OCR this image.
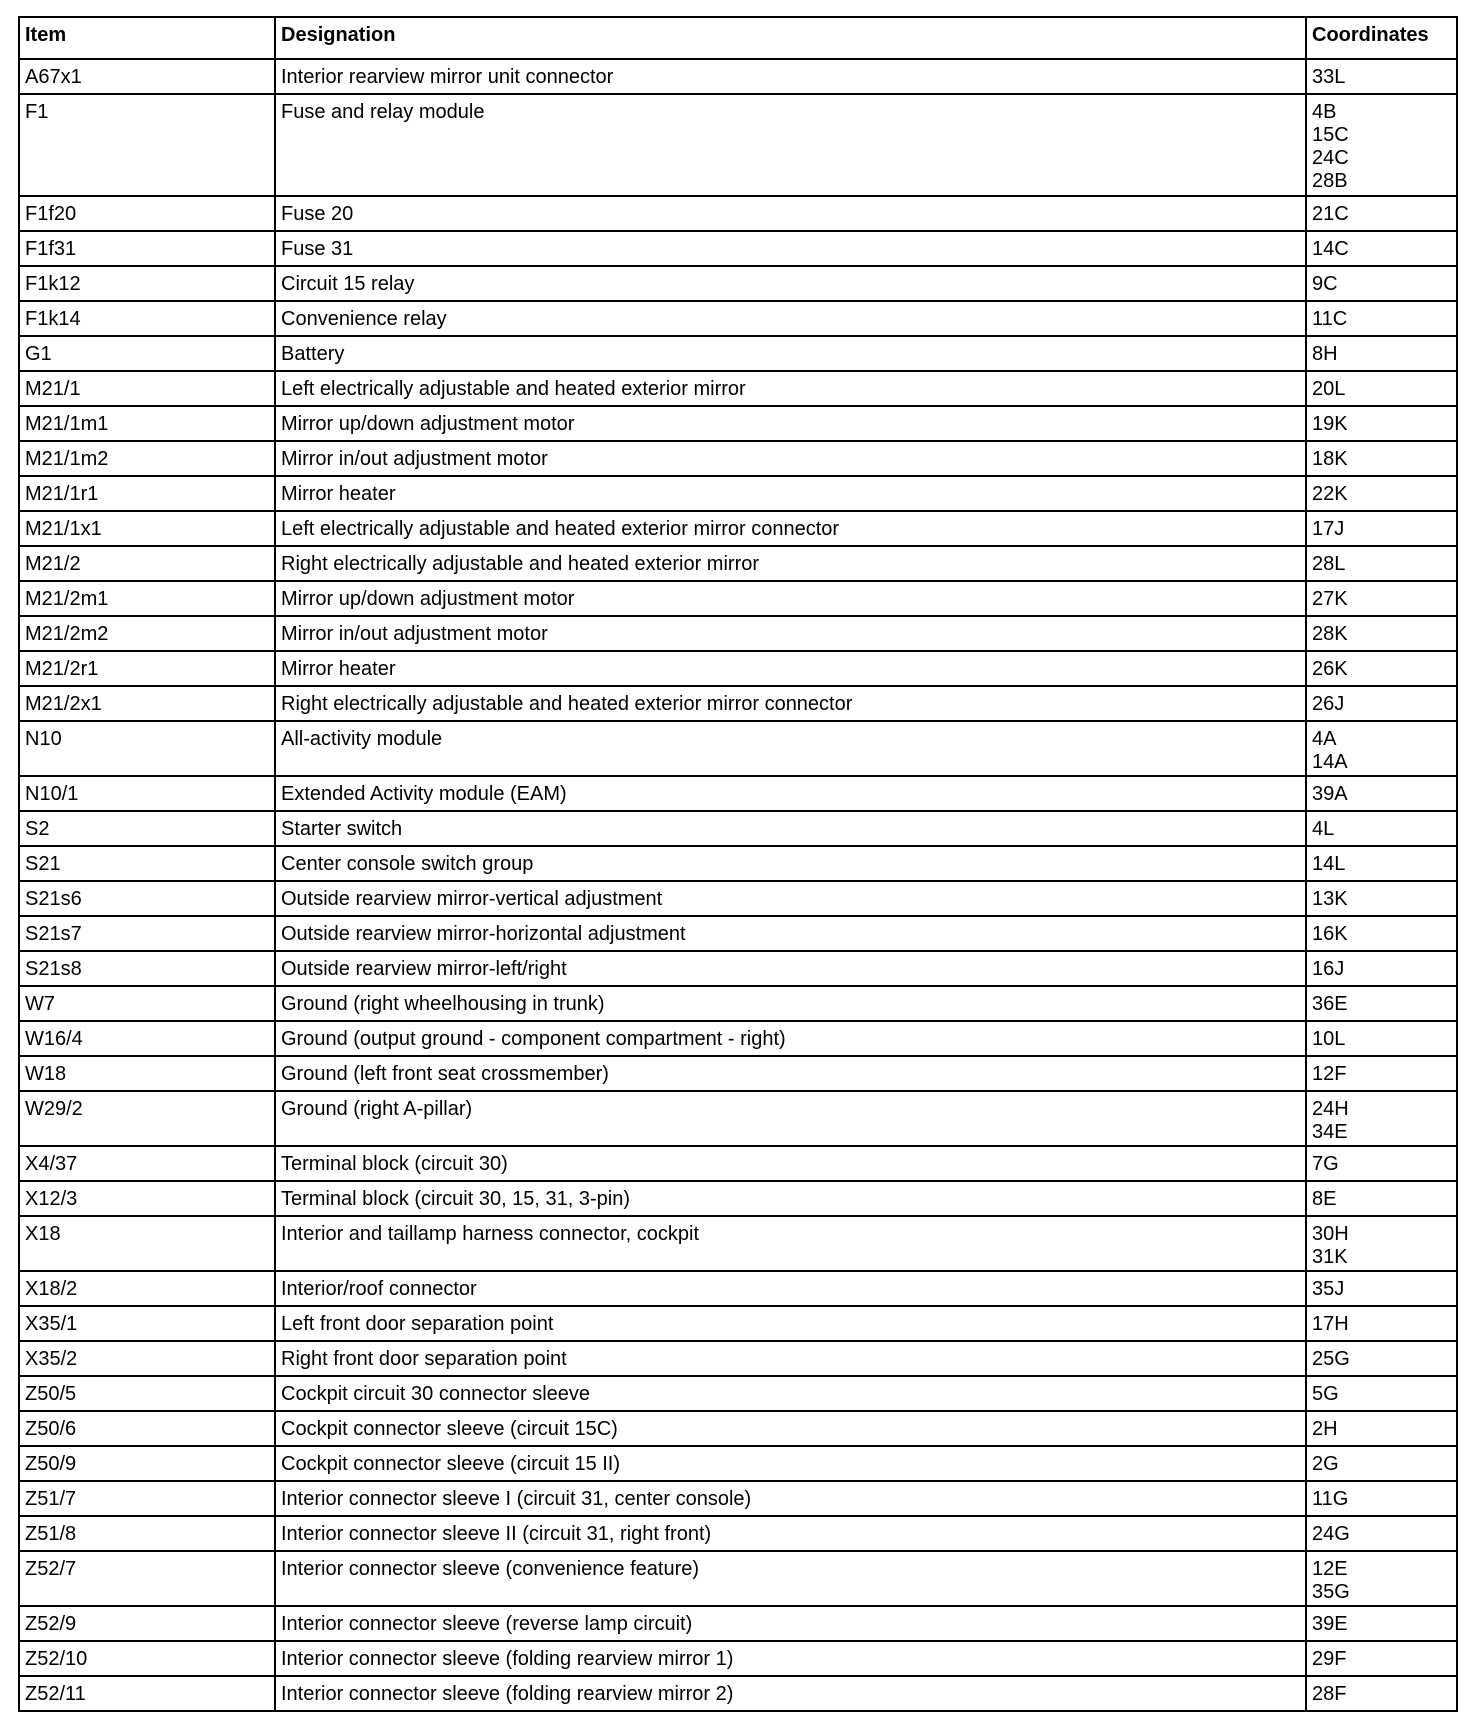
Item	Designation	Coordinates
A67x1	Interior rearview mirror unit connector	33L

F1	Fuse and relay module	4B
15C
24C
28B

F1f20	Fuse 20	21C

F1f31	Fuse 31	14C

F1k12	Circuit 15 relay	9C

F1k14	Convenience relay	11C

G1	Battery	8H

M21/1	Left electrically adjustable and heated exterior mirror	20L

M21/1m1	Mirror up/down adjustment motor	19K

M21/1m2	Mirror in/out adjustment motor	18K

M21/1r1	Mirror heater	22K

M21/1x1	Left electrically adjustable and heated exterior mirror connector	17J

M21/2	Right electrically adjustable and heated exterior mirror	28L

M21/2m1	Mirror up/down adjustment motor	27K

M21/2m2	Mirror in/out adjustment motor	28K

M21/2r1	Mirror heater	26K

M21/2x1	Right electrically adjustable and heated exterior mirror connector	26J

N10	All-activity module	4A
14A

N10/1	Extended Activity module (EAM)	39A

S2	Starter switch	4L

S21	Center console switch group	14L

S21s6	Outside rearview mirror-vertical adjustment	13K

S21s7	Outside rearview mirror-horizontal adjustment	16K

S21s8	Outside rearview mirror-left/right	16J

W7	Ground (right wheelhousing in trunk)	36E

W16/4	Ground (output ground - component compartment - right)	10L

W18	Ground (left front seat crossmember)	12F

W29/2	Ground (right A-pillar)	24H
34E

X4/37	Terminal block (circuit 30)	7G

X12/3	Terminal block (circuit 30, 15, 31, 3-pin)	8E

X18	Interior and taillamp harness connector, cockpit	30H
31K

X18/2	Interior/roof connector	35J

X35/1	Left front door separation point	17H

X35/2	Right front door separation point	25G

Z50/5	Cockpit circuit 30 connector sleeve	5G

Z50/6	Cockpit connector sleeve (circuit 15C)	2H

Z50/9	Cockpit connector sleeve (circuit 15 II)	2G

Z51/7	Interior connector sleeve I (circuit 31, center console)	11G

Z51/8	Interior connector sleeve II (circuit 31, right front)	24G

Z52/7	Interior connector sleeve (convenience feature)	12E
35G

Z52/9	Interior connector sleeve (reverse lamp circuit)	39E

Z52/10	Interior connector sleeve (folding rearview mirror 1)	29F

Z52/11	Interior connector sleeve (folding rearview mirror 2)	28F
